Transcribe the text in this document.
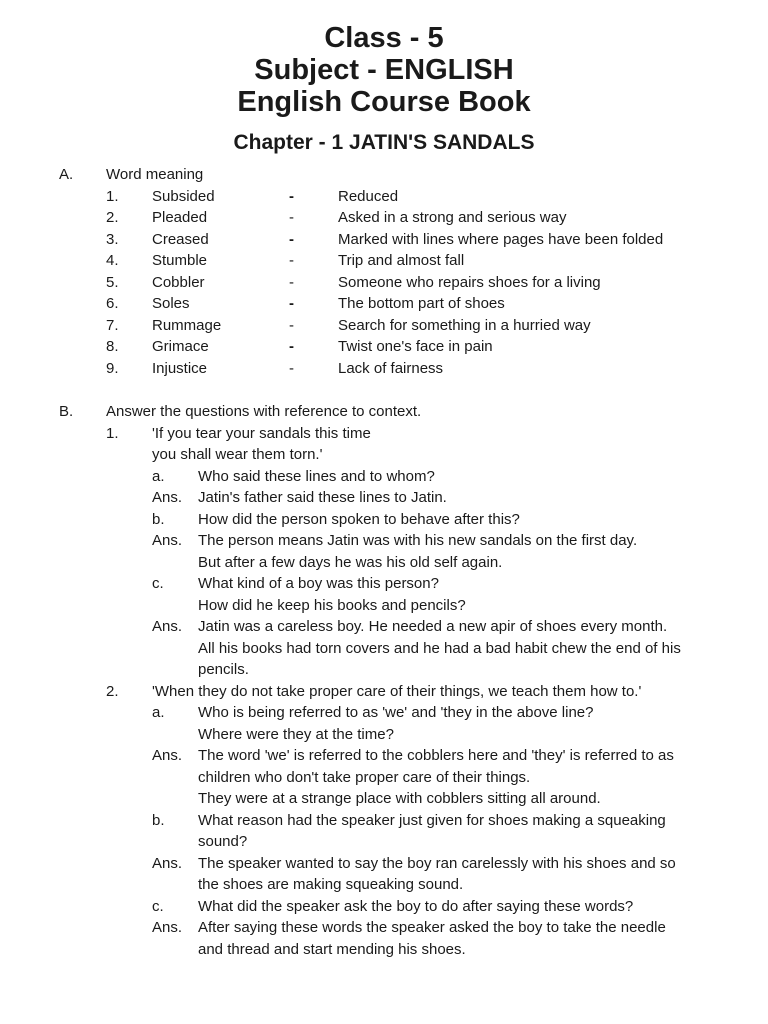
Class - 5
Subject - ENGLISH
English Course Book
Chapter - 1 JATIN'S SANDALS
A. Word meaning
1. Subsided	-	Reduced
2. Pleaded	-	Asked in a strong and serious way
3. Creased	-	Marked with lines where pages have been folded
4. Stumble	-	Trip and almost fall
5. Cobbler	-	Someone who repairs shoes for a living
6. Soles	-	The bottom part of shoes
7. Rummage	-	Search for something in a hurried way
8. Grimace	-	Twist one's face in pain
9. Injustice	-	Lack of fairness
B. Answer the questions with reference to context.
1. 'If you tear your sandals this time
you shall wear them torn.'
a. Who said these lines and to whom?
Ans. Jatin's father said these lines to Jatin.
b. How did the person spoken to behave after this?
Ans. The person means Jatin was with his new sandals on the first day.
But after a few days he was his old self again.
c. What kind of a boy was this person?
How did he keep his books and pencils?
Ans. Jatin was a careless boy. He needed a new apir of shoes every month.
All his books had torn covers and he had a bad habit chew the end of his
pencils.
2. 'When they do not take proper care of their things, we teach them how to.'
a. Who is being referred to as 'we' and 'they in the above line?
Where were they at the time?
Ans. The word 'we' is referred to the cobblers here and 'they' is referred to as
children who don't take proper care of their things.
They were at a strange place with cobblers sitting all around.
b. What reason had the speaker just given for shoes making a squeaking
sound?
Ans. The speaker wanted to say the boy ran carelessly with his shoes and so
the shoes are making squeaking sound.
c. What did the speaker ask the boy to do after saying these words?
Ans. After saying these words the speaker asked the boy to take the needle
and thread and start mending his shoes.
